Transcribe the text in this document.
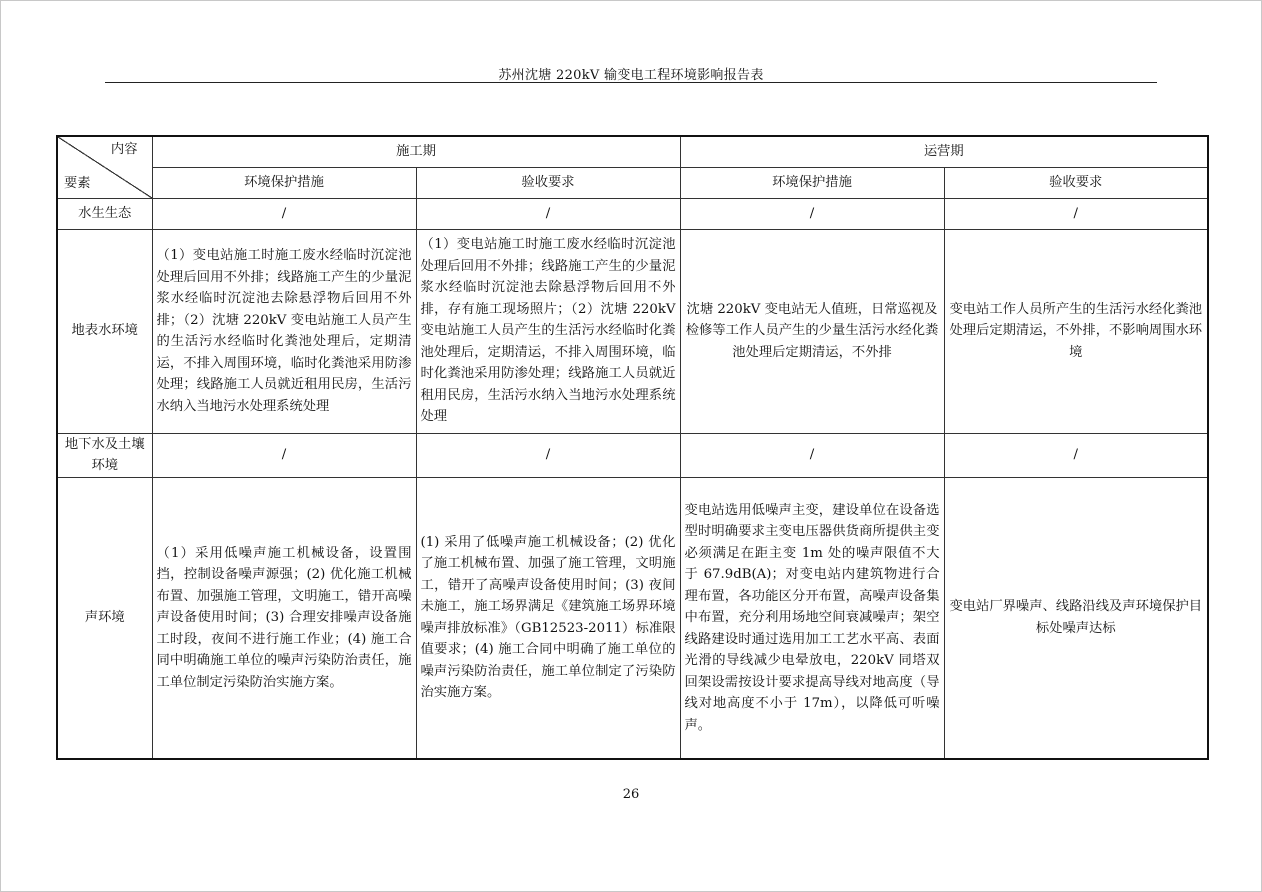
苏州沈塘 220kV 输变电工程环境影响报告表
内容
要素	施工期		运营期	
	环境保护措施	验收要求	环境保护措施	验收要求
水生生态	/	/	/	/
地表水环境	（1）变电站施工时施工废水经临时沉淀池处理后回用不外排；线路施工产生的少量泥浆水经临时沉淀池去除悬浮物后回用不外排；（2）沈塘 220kV 变电站施工人员产生的生活污水经临时化粪池处理后，定期清运，不排入周围环境，临时化粪池采用防渗处理；线路施工人员就近租用民房，生活污水纳入当地污水处理系统处理	（1）变电站施工时施工废水经临时沉淀池处理后回用不外排；线路施工产生的少量泥浆水经临时沉淀池去除悬浮物后回用不外排，存有施工现场照片；（2）沈塘 220kV 变电站施工人员产生的生活污水经临时化粪池处理后，定期清运，不排入周围环境，临时化粪池采用防渗处理；线路施工人员就近租用民房，生活污水纳入当地污水处理系统处理	沈塘 220kV 变电站无人值班，日常巡视及检修等工作人员产生的少量生活污水经化粪池处理后定期清运，不外排	变电站工作人员所产生的生活污水经化粪池处理后定期清运，不外排，不影响周围水环境
地下水及土壤环境	/	/	/	/
声环境	（1）采用低噪声施工机械设备，设置围挡，控制设备噪声源强；(2) 优化施工机械布置、加强施工管理，文明施工，错开高噪声设备使用时间；(3) 合理安排噪声设备施工时段，夜间不进行施工作业；(4) 施工合同中明确施工单位的噪声污染防治责任，施工单位制定污染防治实施方案。	(1) 采用了低噪声施工机械设备；(2) 优化了施工机械布置、加强了施工管理，文明施工，错开了高噪声设备使用时间；(3) 夜间未施工，施工场界满足《建筑施工场界环境噪声排放标准》（GB12523-2011）标准限值要求；(4) 施工合同中明确了施工单位的噪声污染防治责任，施工单位制定了污染防治实施方案。	变电站选用低噪声主变，建设单位在设备选型时明确要求主变电压器供货商所提供主变必须满足在距主变 1m 处的噪声限值不大于 67.9dB(A)；对变电站内建筑物进行合理布置，各功能区分开布置，高噪声设备集中布置，充分利用场地空间衰减噪声；架空线路建设时通过选用加工工艺水平高、表面光滑的导线减少电晕放电，220kV 同塔双回架设需按设计要求提高导线对地高度（导线对地高度不小于 17m），以降低可听噪声。	变电站厂界噪声、线路沿线及声环境保护目标处噪声达标
26
